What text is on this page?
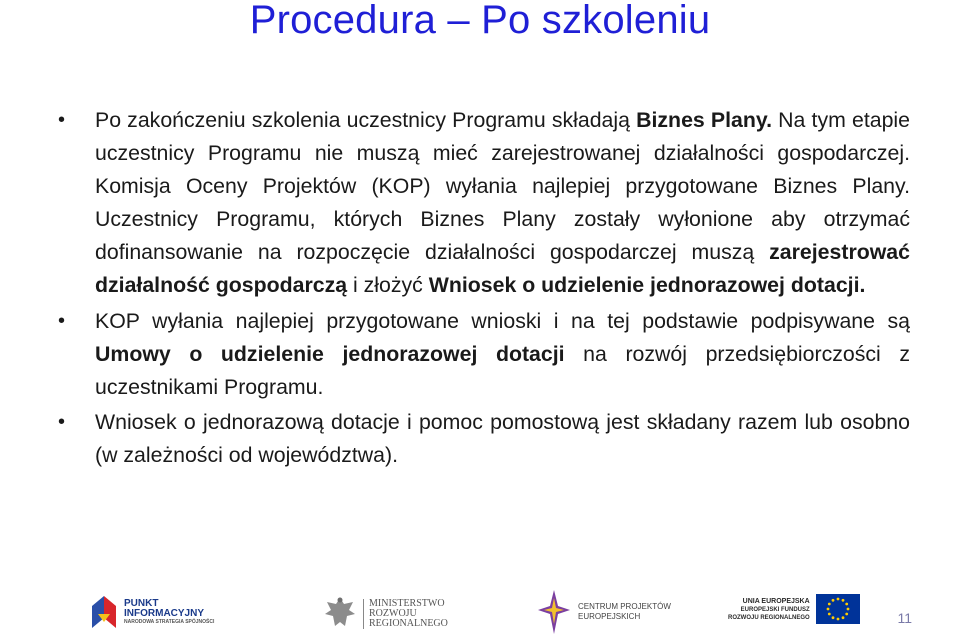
Procedura – Po szkoleniu
• Po zakończeniu szkolenia uczestnicy Programu składają Biznes Plany. Na tym etapie uczestnicy Programu nie muszą mieć zarejestrowanej działalności gospodarczej. Komisja Oceny Projektów (KOP) wyłania najlepiej przygotowane Biznes Plany. Uczestnicy Programu, których Biznes Plany zostały wyłonione aby otrzymać dofinansowanie na rozpoczęcie działalności gospodarczej muszą zarejestrować działalność gospodarczą i złożyć Wniosek o udzielenie jednorazowej dotacji.
• KOP wyłania najlepiej przygotowane wnioski i na tej podstawie podpisywane są Umowy o udzielenie jednorazowej dotacji na rozwój przedsiębiorczości z uczestnikami Programu.
• Wniosek o jednorazową dotacje i pomoc pomostową jest składany razem lub osobno (w zależności od województwa).
PUNKT
INFORMACYJNY
NARODOWA STRATEGIA SPÓJNOŚCI
MINISTERSTWO
ROZWOJU
REGIONALNEGO
CENTRUM PROJEKTÓW
EUROPEJSKICH
UNIA EUROPEJSKA
EUROPEJSKI FUNDUSZ
ROZWOJU REGIONALNEGO	11
